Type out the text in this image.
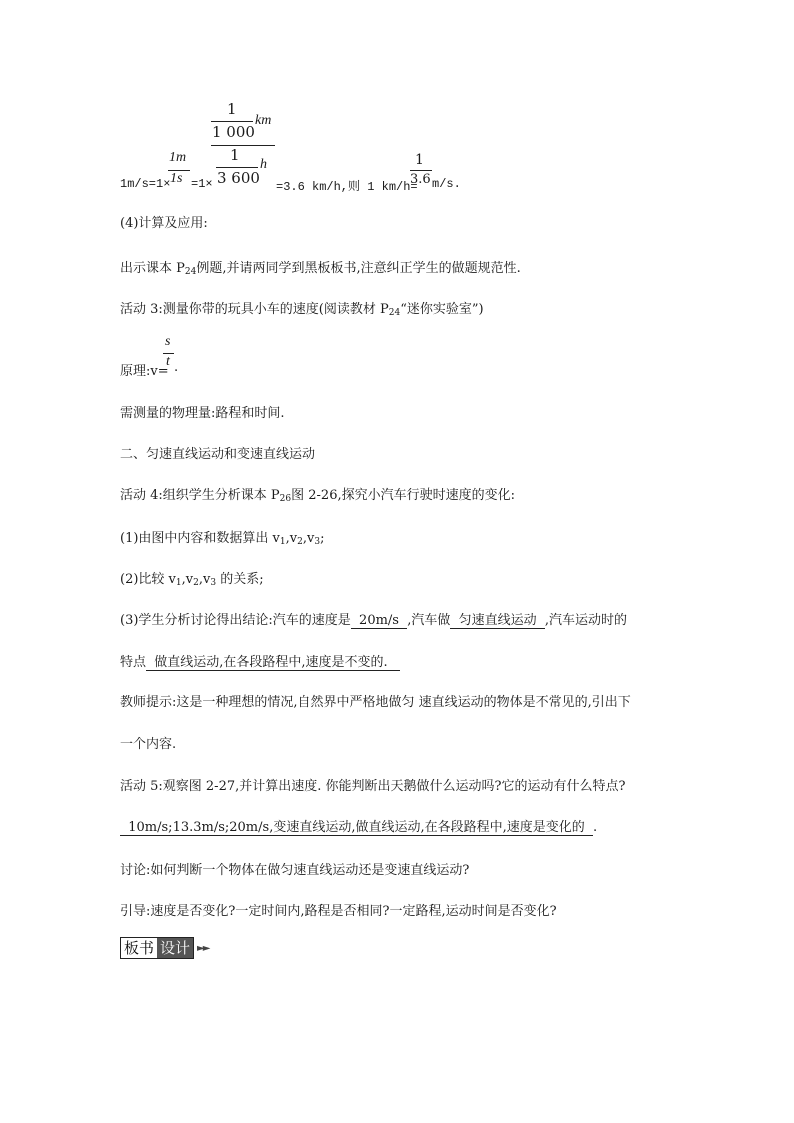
1m/s=1×
1m
1s =1×
1
1 000
km
1
3 600
h
=3.6 km/h,则 1 km/h=
1
3.6 m/s.
(4)计算及应用:
出示课本 $P_{24}$例题,并请两同学到黑板板书,注意纠正学生的做题规范性.
活动 3:测量你带的玩具小车的速度(阅读教材 $P_{24}“$迷你实验室”)
原理:v=
s
t .
需测量的物理量:路程和时间.
二、匀速直线运动和变速直线运动
活动 4:组织学生分析课本 $P_{26}$图 2-26,探究小汽车行驶时速度的变化:
(1)由图中内容和数据算出 $v_1,v_2,v_3$;
(2)比较 $v_1,v_2,v_3$ 的关系;
(3)学生分析讨论得出结论:汽车的速度是  20m/s  ,汽车做  匀速直线运动  ,汽车运动时的
特点  做直线运动,在各段路程中,速度是不变的.
教师提示:这是一种理想的情况,自然界中严格地做匀 速直线运动的物体是不常见的,引出下
一个内容.
活动 5:观察图 2-27,并计算出速度. 你能判断出天鹅做什么运动吗?它的运动有什么特点?
10m/s;13.3m/s;20m/s,变速直线运动,做直线运动,在各段路程中,速度是变化的  .
讨论:如何判断一个物体在做匀速直线运动还是变速直线运动?
引导:速度是否变化?一定时间内,路程是否相同?一定路程,运动时间是否变化?
板书 设计 ►►
